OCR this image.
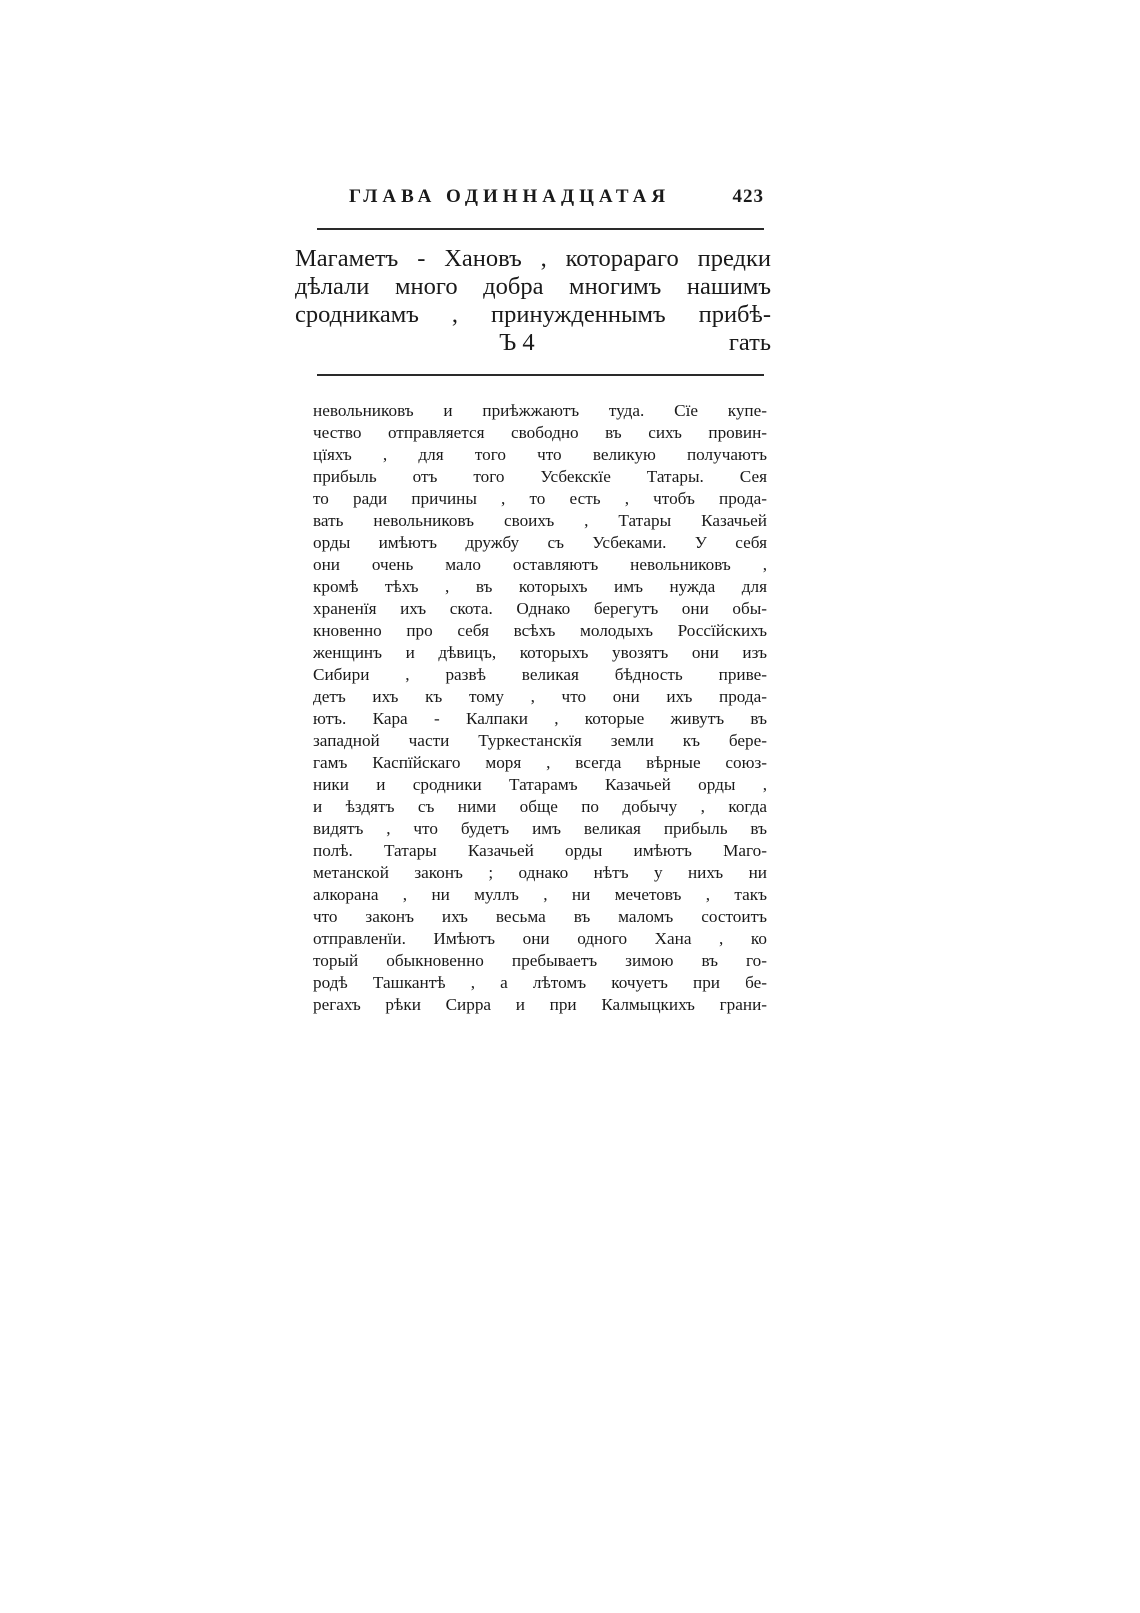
ГЛАВА ОДИННАДЦАТАЯ	423
Магаметъ - Хановъ , которараго предки
дѣлали много добра многимъ нашимъ
сродникамъ , принужденнымъ прибѣ-
Ъ 4	гать
невольниковъ и приѣжжаютъ туда. Сїе купе-
чество отправляется свободно въ сихъ провин-
цїяхъ , для того что великую получаютъ
прибыль отъ того Усбекскїе Татары. Сея
то ради причины , то есть , чтобъ прода-
вать невольниковъ своихъ , Татары Казачьей
орды имѣютъ дружбу съ Усбеками. У себя
они очень мало оставляютъ невольниковъ ,
кромѣ тѣхъ , въ которыхъ имъ нужда для
храненїя ихъ скота. Однако берегутъ они обы-
кновенно про себя всѣхъ молодыхъ Россїйскихъ
женщинъ и дѣвицъ, которыхъ увозятъ они изъ
Сибири , развѣ великая бѣдность приве-
детъ ихъ къ тому , что они ихъ прода-
ютъ. Кара - Калпаки , которые живутъ въ
западной части Туркестанскїя земли къ бере-
гамъ Каспїйскаго моря , всегда вѣрные союз-
ники и сродники Татарамъ Казачьей орды ,
и ѣздятъ съ ними обще по добычу , когда
видятъ , что будетъ имъ великая прибыль въ
полѣ. Татары Казачьей орды имѣютъ Маго-
метанской законъ ; однако нѣтъ у нихъ ни
алкорана , ни муллъ , ни мечетовъ , такъ
что законъ ихъ весьма въ маломъ состоитъ
отправленїи. Имѣютъ они одного Хана , ко
торый обыкновенно пребываетъ зимою въ го-
родѣ Ташкантѣ , а лѣтомъ кочуетъ при бе-
регахъ рѣки Сирра и при Калмыцкихъ грани-
